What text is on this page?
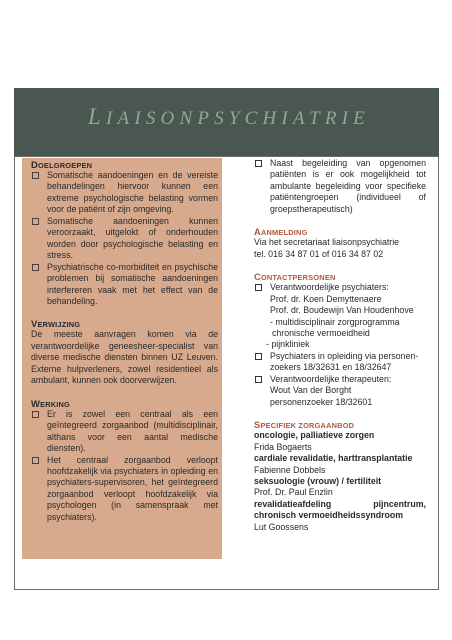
LIAISONPSYCHIATRIE
DOELGROEPEN
Somatische aandoeningen en de vereiste behandelingen hiervoor kunnen een extreme psychologische belasting vormen voor de patiënt of zijn omgeving.
Somatische aandoeningen kunnen veroorzaakt, uitgelokt of onderhouden worden door psychologische belasting en stress.
Psychiatrische co-morbiditeit en psychische problemen bij somatische aandoeningen interfereren vaak met het effect van de behandeling.
VERWIJZING
De meeste aanvragen komen via de verantwoordelijke geneesheer-specialist van diverse medische diensten binnen UZ Leuven. Externe hulpverleners, zowel residentieel als ambulant, kunnen ook doorverwijzen.
WERKING
Er is zowel een centraal als een geïntegreerd zorgaanbod (multidisciplinair, althans voor een aantal medische diensten).
Het centraal zorgaanbod verloopt hoofdzakelijk via psychiaters in opleiding en psychiaters-supervisoren, het geïntegreerd zorgaanbod verloopt hoofdzakelijk via psychologen (in samenspraak met psychiaters).
Naast begeleiding van opgenomen patiënten is er ook mogelijkheid tot ambulante begeleiding voor specifieke patiëntengroepen (individueel of groepstherapeutisch)
AANMELDING
Via het secretariaat liaisonpsychiatrie
tel. 016 34 87 01 of 016 34 87 02
CONTACTPERSONEN
Verantwoordelijke psychiaters:
Prof. dr. Koen Demyttenaere
Prof. dr. Boudewijn Van Houdenhove
- multidisciplinair zorgprogramma
chronische vermoeidheid
- pijnkliniek
Psychiaters in opleiding via personen-
zoekers 18/32631 en 18/32647
Verantwoordelijke therapeuten:
Wout Van der Borght
personenzoeker 18/32601
SPECIFIEK ZORGAANBOD
oncologie, palliatieve zorgen
Frida Bogaerts
cardiale revalidatie, harttransplantatie
Fabienne Dobbels
seksuologie (vrouw) / fertiliteit
Prof. Dr. Paul Enzlin
revalidatieafdeling pijncentrum, chronisch vermoeidheidssyndroom
Lut Goossens
